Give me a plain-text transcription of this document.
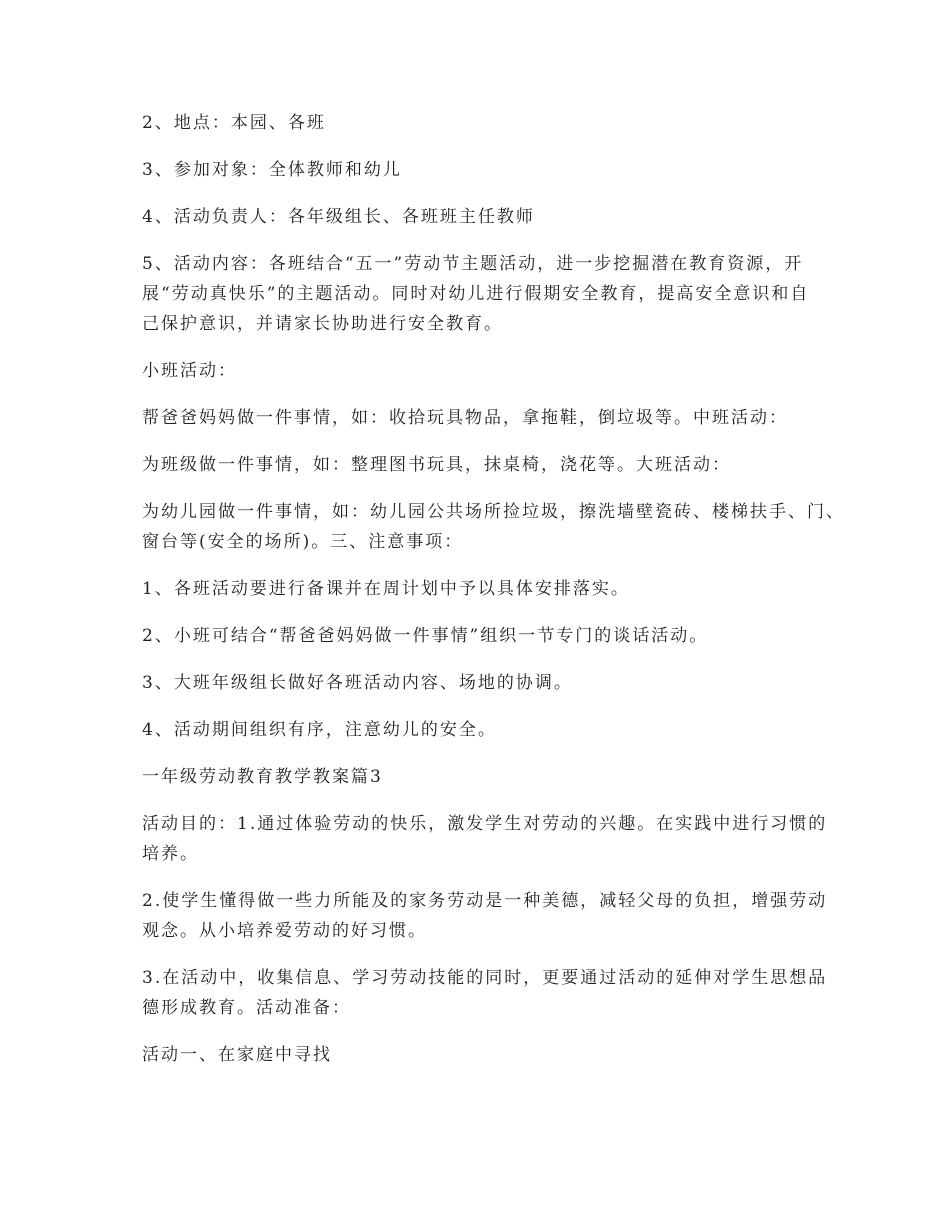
2、地点：本园、各班
3、参加对象：全体教师和幼儿
4、活动负责人：各年级组长、各班班主任教师
5、活动内容：各班结合“五一”劳动节主题活动，进一步挖掘潜在教育资源，开
展“劳动真快乐”的主题活动。同时对幼儿进行假期安全教育，提高安全意识和自
己保护意识，并请家长协助进行安全教育。
小班活动：
帮爸爸妈妈做一件事情，如：收拾玩具物品，拿拖鞋，倒垃圾等。中班活动：
为班级做一件事情，如：整理图书玩具，抹桌椅，浇花等。大班活动：
为幼儿园做一件事情，如：幼儿园公共场所捡垃圾，擦洗墙壁瓷砖、楼梯扶手、门、
窗台等(安全的场所)。三、注意事项：
1、各班活动要进行备课并在周计划中予以具体安排落实。
2、小班可结合“帮爸爸妈妈做一件事情”组织一节专门的谈话活动。
3、大班年级组长做好各班活动内容、场地的协调。
4、活动期间组织有序，注意幼儿的安全。
一年级劳动教育教学教案篇3
活动目的：1.通过体验劳动的快乐，激发学生对劳动的兴趣。在实践中进行习惯的
培养。
2.使学生懂得做一些力所能及的家务劳动是一种美德，减轻父母的负担，增强劳动
观念。从小培养爱劳动的好习惯。
3.在活动中，收集信息、学习劳动技能的同时，更要通过活动的延伸对学生思想品
德形成教育。活动准备：
活动一、在家庭中寻找
